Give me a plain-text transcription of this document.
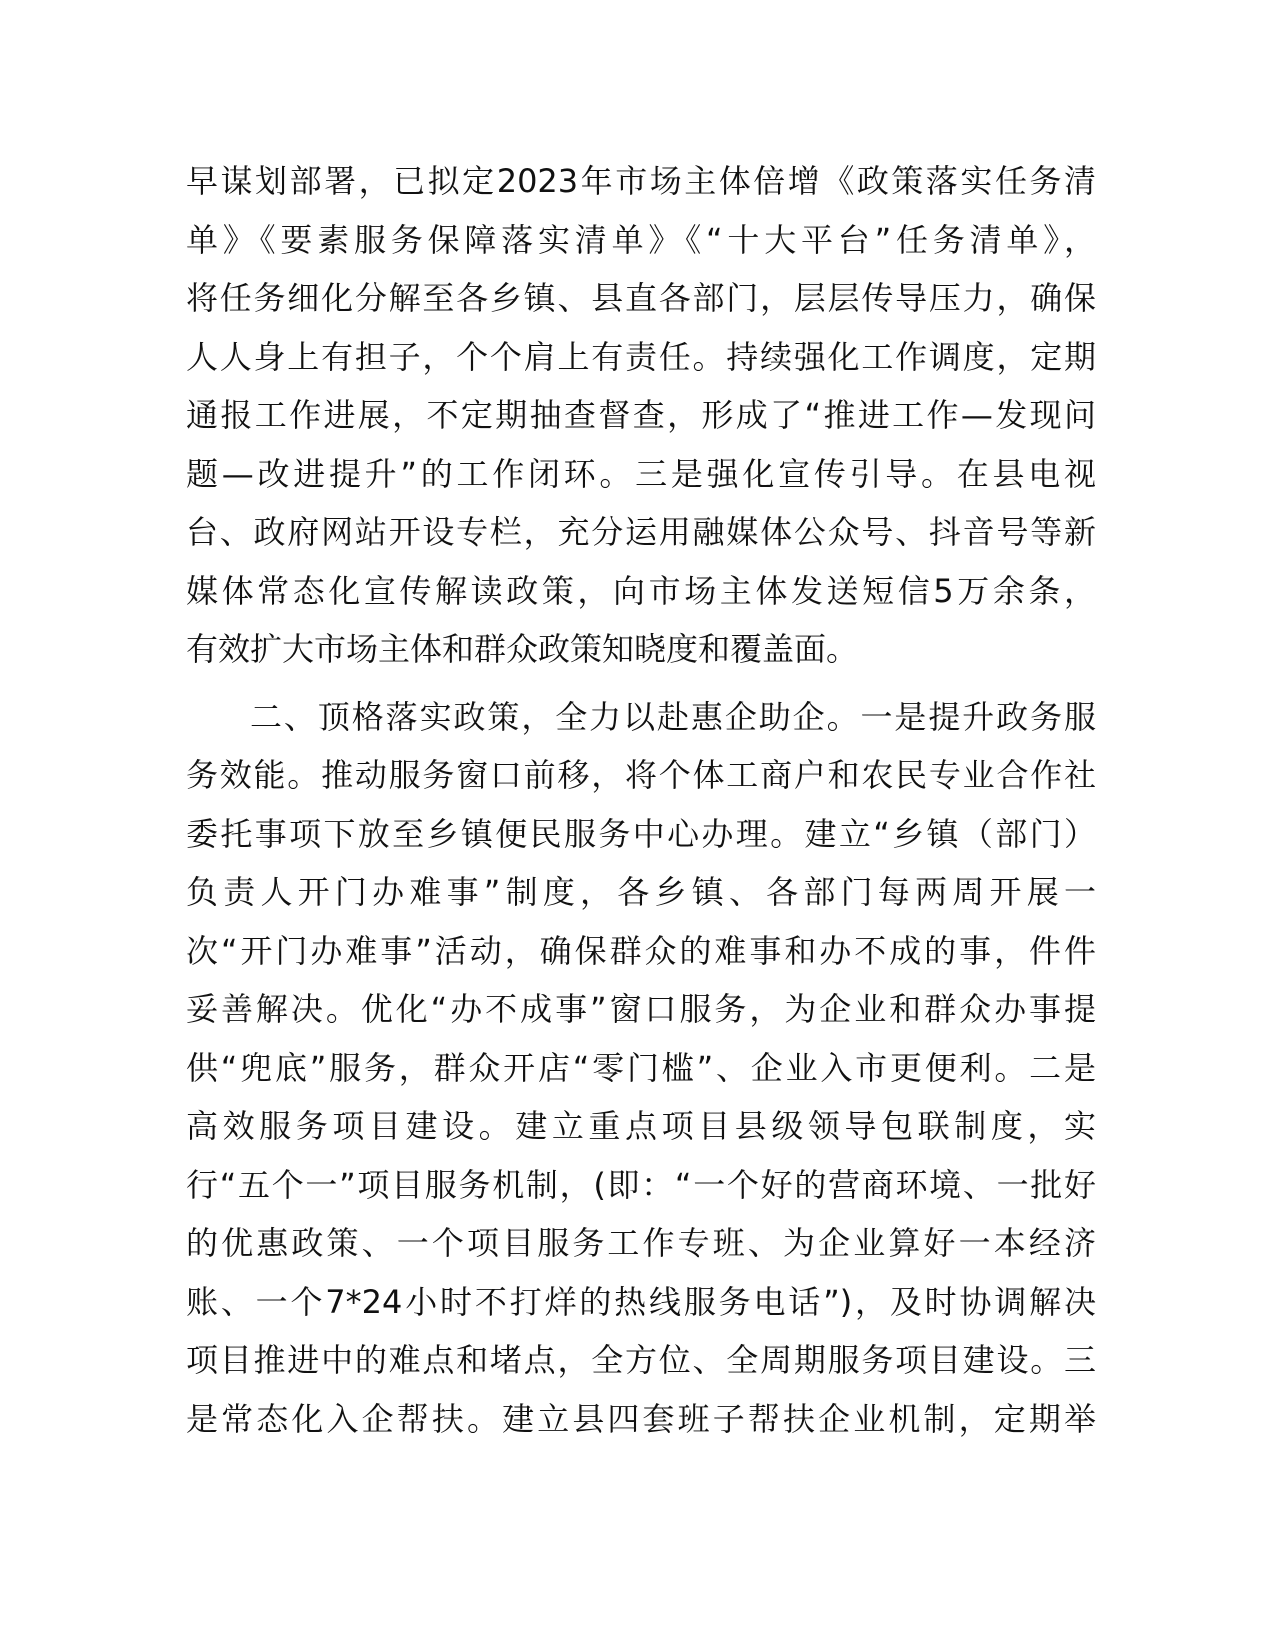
早谋划部署，已拟定2023年市场主体倍增《政策落实任务清
单》《要素服务保障落实清单》《“十大平台”任务清单》，
将任务细化分解至各乡镇、县直各部门，层层传导压力，确保
人人身上有担子，个个肩上有责任。持续强化工作调度，定期
通报工作进展，不定期抽查督查，形成了“推进工作—发现问
题—改进提升”的工作闭环。三是强化宣传引导。在县电视
台、政府网站开设专栏，充分运用融媒体公众号、抖音号等新
媒体常态化宣传解读政策，向市场主体发送短信5万余条，
有效扩大市场主体和群众政策知晓度和覆盖面。
二、顶格落实政策，全力以赴惠企助企。一是提升政务服
务效能。推动服务窗口前移，将个体工商户和农民专业合作社
委托事项下放至乡镇便民服务中心办理。建立“乡镇（部门）
负责人开门办难事”制度，各乡镇、各部门每两周开展一
次“开门办难事”活动，确保群众的难事和办不成的事，件件
妥善解决。优化“办不成事”窗口服务，为企业和群众办事提
供“兜底”服务，群众开店“零门槛”、企业入市更便利。二是
高效服务项目建设。建立重点项目县级领导包联制度，实
行“五个一”项目服务机制，(即：“一个好的营商环境、一批好
的优惠政策、一个项目服务工作专班、为企业算好一本经济
账、一个7*24小时不打烊的热线服务电话”)，及时协调解决
项目推进中的难点和堵点，全方位、全周期服务项目建设。三
是常态化入企帮扶。建立县四套班子帮扶企业机制，定期举
